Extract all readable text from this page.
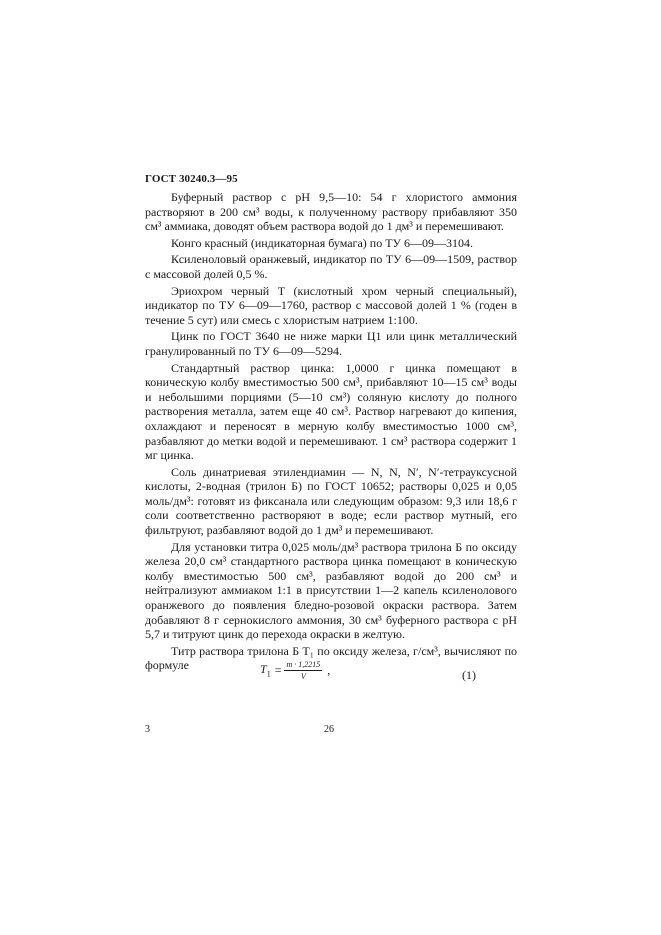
ГОСТ 30240.3—95

Буферный раствор с рН 9,5—10: 54 г хлористого аммония растворяют в 200 см³ воды, к полученному раствору прибавляют 350 см³ аммиака, доводят объем раствора водой до 1 дм³ и перемешивают.

Конго красный (индикаторная бумага) по ТУ 6—09—3104.

Ксиленоловый оранжевый, индикатор по ТУ 6—09—1509, раствор с массовой долей 0,5 %.

Эриохром черный Т (кислотный хром черный специальный), индикатор по ТУ 6—09—1760, раствор с массовой долей 1 % (годен в течение 5 сут) или смесь с хлористым натрием 1:100.

Цинк по ГОСТ 3640 не ниже марки Ц1 или цинк металлический гранулированный по ТУ 6—09—5294.

Стандартный раствор цинка: 1,0000 г цинка помещают в коническую колбу вместимостью 500 см³, прибавляют 10—15 см³ воды и небольшими порциями (5—10 см³) соляную кислоту до полного растворения металла, затем еще 40 см³. Раствор нагревают до кипения, охлаждают и переносят в мерную колбу вместимостью 1000 см³, разбавляют до метки водой и перемешивают. 1 см³ раствора содержит 1 мг цинка.

Соль динатриевая этилендиамин — N, N, N′, N′-тетрауксусной кислоты, 2-водная (трилон Б) по ГОСТ 10652; растворы 0,025 и 0,05 моль/дм³: готовят из фиксанала или следующим образом: 9,3 или 18,6 г соли соответственно растворяют в воде; если раствор мутный, его фильтруют, разбавляют водой до 1 дм³ и перемешивают.

Для установки титра 0,025 моль/дм³ раствора трилона Б по оксиду железа 20,0 см³ стандартного раствора цинка помещают в коническую колбу вместимостью 500 см³, разбавляют водой до 200 см³ и нейтрализуют аммиаком 1:1 в присутствии 1—2 капель ксиленолового оранжевого до появления бледно-розовой окраски раствора. Затем добавляют 8 г сернокислого аммония, 30 см³ буферного раствора с рН 5,7 и титруют цинк до перехода окраски в желтую.

Титр раствора трилона Б T₁ по оксиду железа, г/см³, вычисляют по формуле	$T_1 = \frac{m \cdot 1,2215}{V}$ ,	(1)
3	26
